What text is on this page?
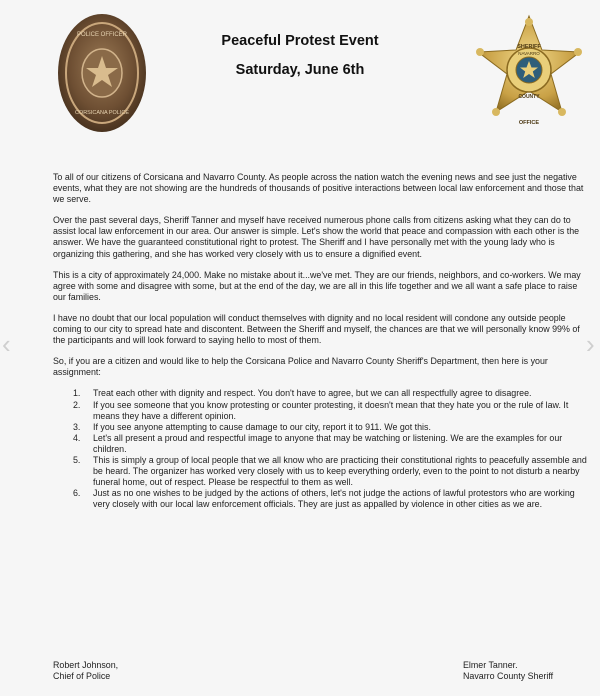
‹	›
POLICE OFFICER
CORSICANA POLICE
Peaceful Protest Event
Saturday, June 6th
SHERIFF
NAVARRO
COUNTY
OFFICE

To all of our citizens of Corsicana and Navarro County. As people across the nation watch the evening news and see just the negative events, what they are not showing are the hundreds of thousands of positive interactions between local law enforcement and those that we serve.

Over the past several days, Sheriff Tanner and myself have received numerous phone calls from citizens asking what they can do to assist local law enforcement in our area. Our answer is simple. Let's show the world that peace and compassion with each other is the answer. We have the guaranteed constitutional right to protest. The Sheriff and I have personally met with the young lady who is organizing this gathering, and she has worked very closely with us to ensure a dignified event.

This is a city of approximately 24,000. Make no mistake about it...we've met. They are our friends, neighbors, and co-workers. We may agree with some and disagree with some, but at the end of the day, we are all in this life together and we all want a safe place to raise our families.

I have no doubt that our local population will conduct themselves with dignity and no local resident will condone any outside people coming to our city to spread hate and discontent. Between the Sheriff and myself, the chances are that we will personally know 99% of the participants and will look forward to saying hello to most of them.

So, if you are a citizen and would like to help the Corsicana Police and Navarro County Sheriff's Department, then here is your assignment:

1. Treat each other with dignity and respect. You don't have to agree, but we can all respectfully agree to disagree.
2. If you see someone that you know protesting or counter protesting, it doesn't mean that they hate you or the rule of law. It means they have a different opinion.
3. If you see anyone attempting to cause damage to our city, report it to 911. We got this.
4. Let's all present a proud and respectful image to anyone that may be watching or listening. We are the examples for our children.
5. This is simply a group of local people that we all know who are practicing their constitutional rights to peacefully assemble and be heard. The organizer has worked very closely with us to keep everything orderly, even to the point to not disturb a nearby funeral home, out of respect. Please be respectful to them as well.
6. Just as no one wishes to be judged by the actions of others, let's not judge the actions of lawful protestors who are working very closely with our local law enforcement officials. They are just as appalled by violence in other cities as we are.
Robert Johnson,
Chief of Police
Elmer Tanner.
Navarro County Sheriff
